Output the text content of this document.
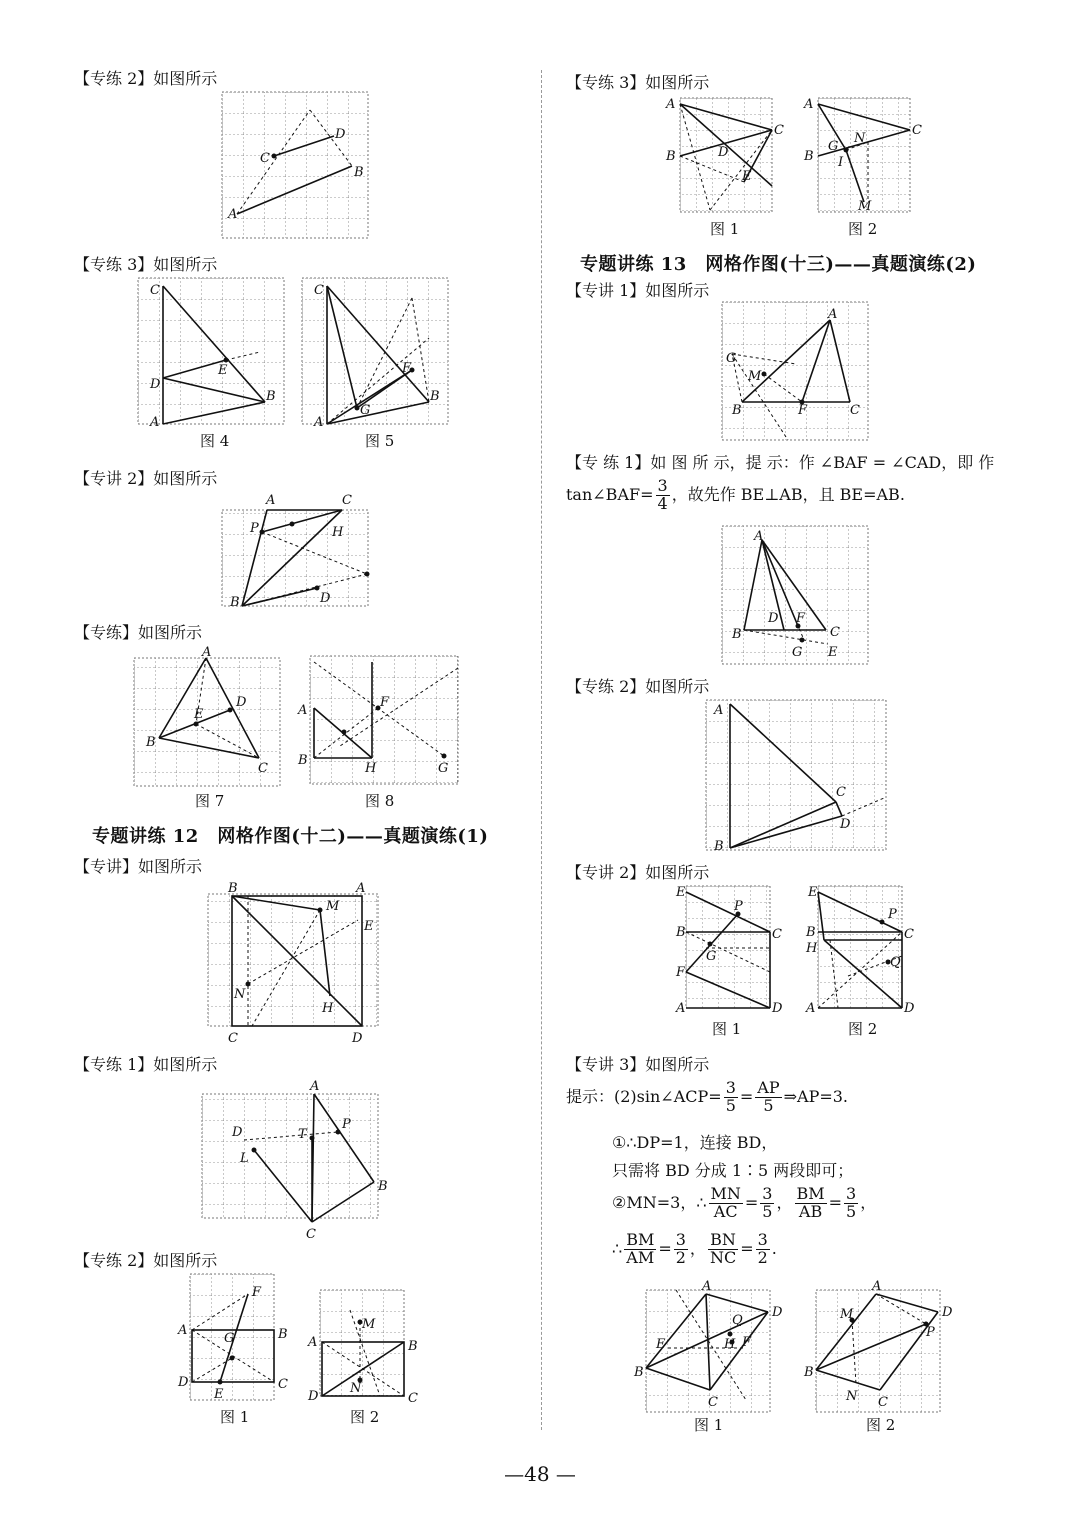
【专练 2】如图所示
A
B
C
D
【专练 3】如图所示
C
D
E
B
A
图 4
C
F
G
B
A
图 5
【专讲 2】如图所示
A	C
P	H
B	D
【专练】如图所示
A
D
E
B
C
图 7
A
F
B
H	G
图 8
专题讲练 12　网格作图(十二)——真题演练(1)
【专讲】如图所示
B	A
M
E
N
H
C	D
【专练 1】如图所示
A
P
T
D
L
B
C
【专练 2】如图所示
A
F
B
G
D
E
C
图 1
A
M
B
D
N
C
图 2
【专练 3】如图所示
A
C
B	D
E
图 1
A
C
B
G
N
I
M
图 2
专题讲练 13　网格作图(十三)——真题演练(2)
【专讲 1】如图所示
A
G
M
B	F	C
【专 练 1】如 图 所 示，提 示：作 ∠BAF = ∠CAD，即 作
tan∠BAF= $\frac{3}{4}$ ，故先作 BE⊥AB，且 BE=AB.
A
D F
B	C
G E
【专练 2】如图所示
A
C
D
B
【专讲 2】如图所示
E
P
B	C
G
F
A	D
图 1
E
P
B	C
H
Q
A	D
图 2
【专讲 3】如图所示
提示：(2)sin∠ACP= $\frac{3}{5} = \frac{AP}{5}$ ⇒AP=3.
①∴DP=1，连接 BD，
只需将 BD 分成 1∶5 两段即可；
②MN=3，∴ $\frac{MN}{AC} = \frac{3}{5}$ ， $\frac{BM}{AB} = \frac{3}{5}$ ，
∴ $\frac{BM}{AM} = \frac{3}{2}$ ， $\frac{BN}{NC} = \frac{3}{2}$ .
A
D
Q
E	H F
B
C
图 1
A
D
M
P
B
N C
图 2
—48 —
